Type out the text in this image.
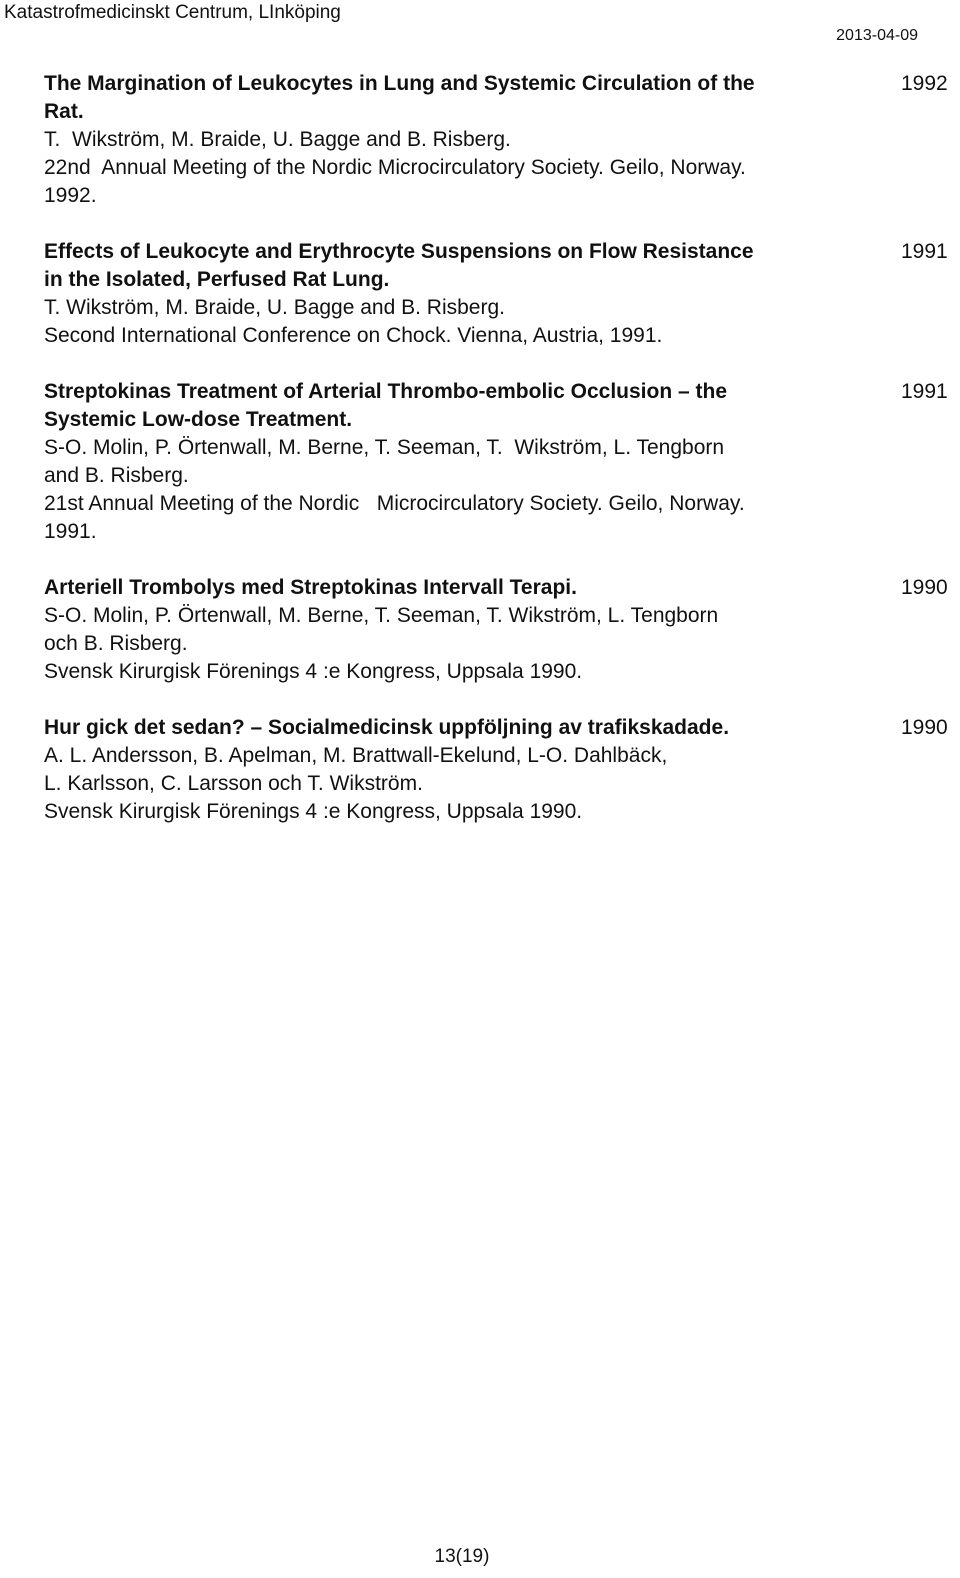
Katastrofmedicinskt Centrum, LInköping
2013-04-09
The Margination of Leukocytes in Lung and Systemic Circulation of the
Rat.
T.  Wikström, M. Braide, U. Bagge and B. Risberg.
22nd  Annual Meeting of the Nordic Microcirculatory Society. Geilo, Norway.
1992.
1992
Effects of Leukocyte and Erythrocyte Suspensions on Flow Resistance
in the Isolated, Perfused Rat Lung.
T. Wikström, M. Braide, U. Bagge and B. Risberg.
Second International Conference on Chock. Vienna, Austria, 1991.
1991
Streptokinas Treatment of Arterial Thrombo-embolic Occlusion – the
Systemic Low-dose Treatment.
S-O. Molin, P. Örtenwall, M. Berne, T. Seeman, T.  Wikström, L. Tengborn
and B. Risberg.
21st Annual Meeting of the Nordic   Microcirculatory Society. Geilo, Norway.
1991.
1991
Arteriell Trombolys med Streptokinas Intervall Terapi.
S-O. Molin, P. Örtenwall, M. Berne, T. Seeman, T. Wikström, L. Tengborn
och B. Risberg.
Svensk Kirurgisk Förenings 4 :e Kongress, Uppsala 1990.
1990
Hur gick det sedan? – Socialmedicinsk uppföljning av trafikskadade.
A. L. Andersson, B. Apelman, M. Brattwall-Ekelund, L-O. Dahlbäck,
L. Karlsson, C. Larsson och T. Wikström.
Svensk Kirurgisk Förenings 4 :e Kongress, Uppsala 1990.
1990
13(19)
